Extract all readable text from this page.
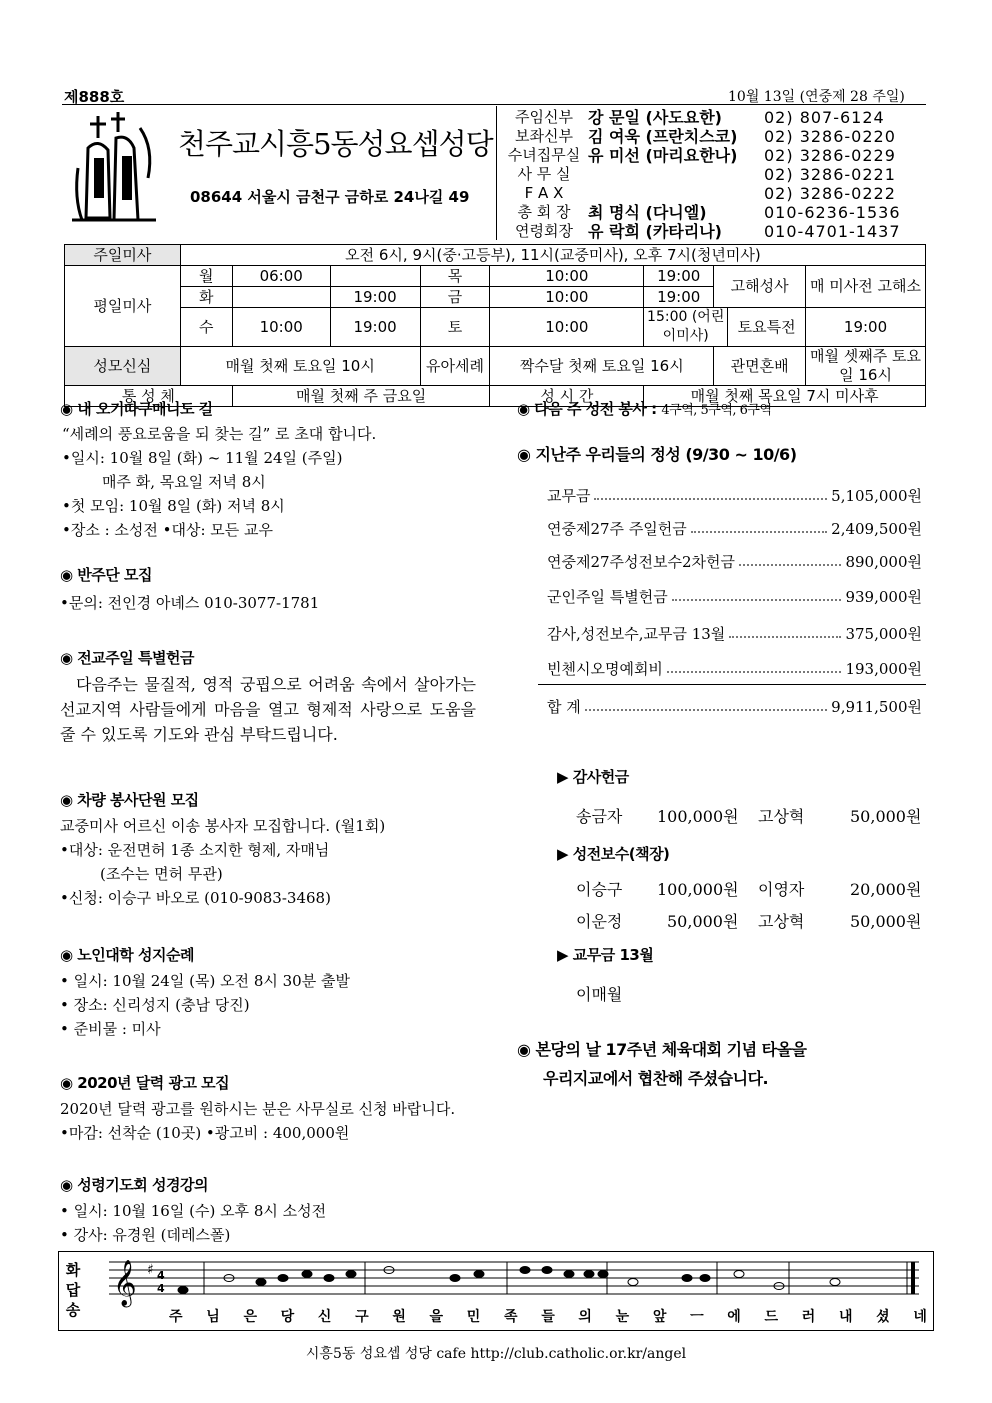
제888호	10월 13일 (연중제 28 주일)
천주교시흥5동성요셉성당
08644 서울시 금천구 금하로 24나길 49
주임신부 강 문일 (사도요한)	02) 807-6124
보좌신부 김 여욱 (프란치스코)	02) 3286-0220
수녀집무실 유 미선 (마리요한나)	02) 3286-0229
사 무 실	02) 3286-0221
F A X	02) 3286-0222
총 회 장	최 명식 (다니엘)	010-6236-1536
연령회장 유 락희 (카타리나)	010-4701-1437
주일미사	오전 6시, 9시(중·고등부), 11시(교중미사), 오후 7시(청년미사)								
평일미사	월	06:00		목	10:00	19:00	고해성사		매 미사전 고해소
	화		19:00	금	10:00	19:00			
	수	10:00	19:00	토	10:00	15:00 (어린이미사)		토요특전	19:00
성모신심	매월 첫째 토요일 10시			유아세례	짝수달 첫째 토요일 16시		관면혼배		매월 셋째주 토요일 16시
통 성 체		매월 첫째 주 금요일			성 시 간	매월 첫째 목요일 7시 미사후			
◉ 내 오기따구매니도 길
“세례의 풍요로움을 되 찾는 길” 로 초대 합니다.
•일시: 10월 8일 (화) ~ 11월 24일 (주일)
매주 화, 목요일 저녁 8시
•첫 모임: 10월 8일 (화) 저녁 8시
•장소 : 소성전 •대상: 모든 교우
◉ 반주단 모집
•문의: 전인경 아녜스 010-3077-1781
◉ 전교주일 특별헌금
다음주는 물질적, 영적 궁핍으로 어려움 속에서 살아가는 선교지역 사람들에게 마음을 열고 형제적 사랑으로 도움을 줄 수 있도록 기도와 관심 부탁드립니다.
◉ 차량 봉사단원 모집
교중미사 어르신 이송 봉사자 모집합니다. (월1회)
•대상: 운전면허 1종 소지한 형제, 자매님
(조수는 면허 무관)
•신청: 이승구 바오로 (010-9083-3468)
◉ 노인대학 성지순례
• 일시: 10월 24일 (목) 오전 8시 30분 출발
• 장소: 신리성지 (충남 당진)
• 준비물 : 미사
◉ 2020년 달력 광고 모집
2020년 달력 광고를 원하시는 분은 사무실로 신청 바랍니다.
•마감: 선착순 (10곳) •광고비 : 400,000원
◉ 성령기도회 성경강의
• 일시: 10월 16일 (수) 오후 8시 소성전
• 강사: 유경원 (데레스폴)
◉ 다음 주 성전 봉사 : 4구역, 5구역, 6구역
◉ 지난주 우리들의 정성 (9/30 ~ 10/6)
교무금	5,105,000원
연중제27주 주일헌금	2,409,500원
연중제27주성전보수2차헌금	890,000원
군인주일 특별헌금	939,000원
감사,성전보수,교무금 13월	375,000원
빈첸시오명예회비	193,000원
합 계	9,911,500원
▶ 감사헌금
송금자 100,000원 고상혁	50,000원
▶ 성전보수(책장)
이승구 100,000원 이영자	20,000원
이운정	50,000원 고상혁	50,000원
▶ 교무금 13월
이매월
◉ 본당의 날 17주년 체육대회 기념 타올을
우리지교에서 협찬해 주셨습니다.
화답송
𝄞 ♯ 4
4
주 님 은 당 신 구 원 을 민 족 들 의 눈 앞 ㅡ 에 드 러 내 셨 네
시흥5동 성요셉 성당 cafe http://club.catholic.or.kr/angel
